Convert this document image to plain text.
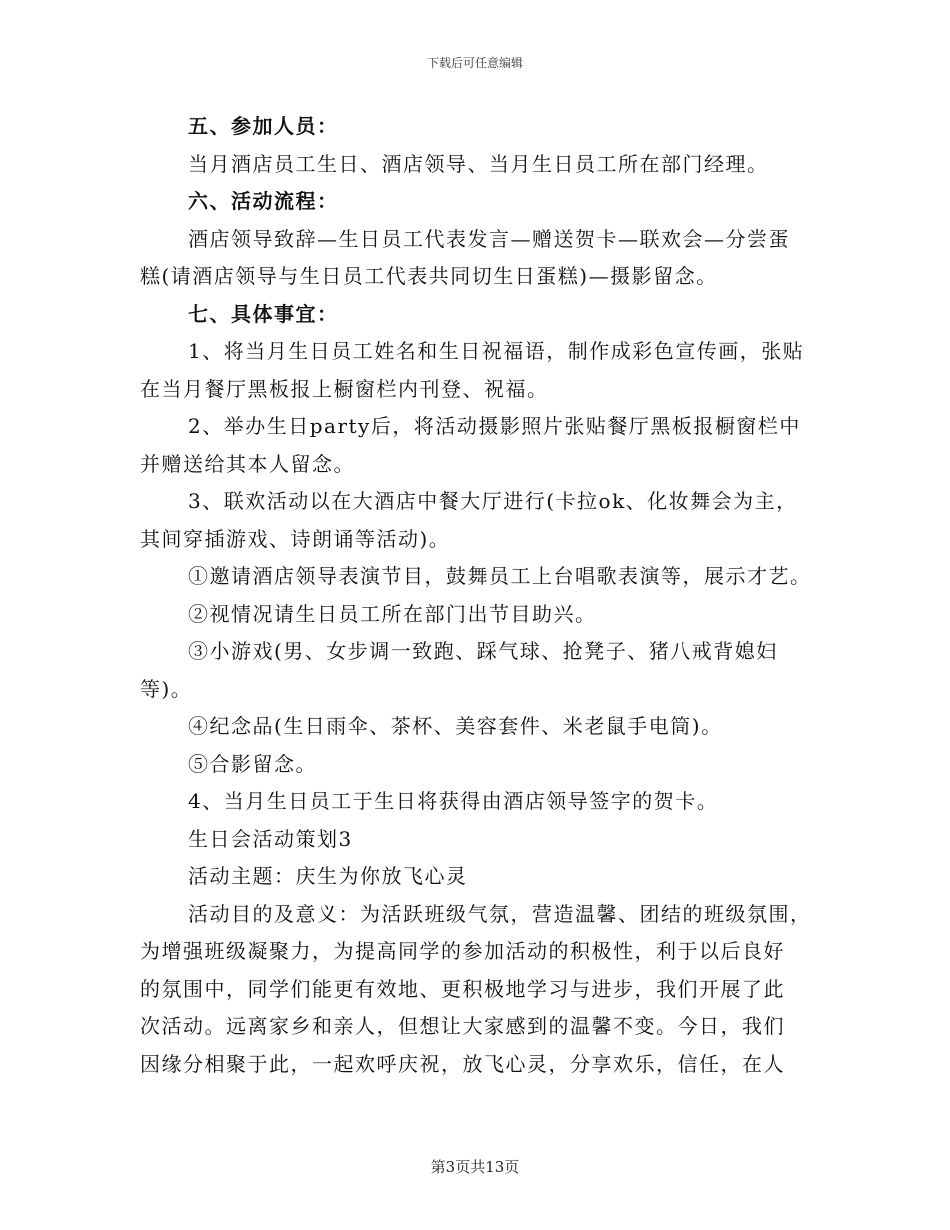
下载后可任意编辑
五、参加人员：
当月酒店员工生日、酒店领导、当月生日员工所在部门经理。
六、活动流程：
酒店领导致辞—生日员工代表发言—赠送贺卡—联欢会—分尝蛋
糕(请酒店领导与生日员工代表共同切生日蛋糕)—摄影留念。
七、具体事宜：
1、将当月生日员工姓名和生日祝福语，制作成彩色宣传画，张贴
在当月餐厅黑板报上橱窗栏内刊登、祝福。
2、举办生日party后，将活动摄影照片张贴餐厅黑板报橱窗栏中
并赠送给其本人留念。
3、联欢活动以在大酒店中餐大厅进行(卡拉ok、化妆舞会为主，
其间穿插游戏、诗朗诵等活动)。
①邀请酒店领导表演节目，鼓舞员工上台唱歌表演等，展示才艺。
②视情况请生日员工所在部门出节目助兴。
③小游戏(男、女步调一致跑、踩气球、抢凳子、猪八戒背媳妇
等)。
④纪念品(生日雨伞、茶杯、美容套件、米老鼠手电筒)。
⑤合影留念。
4、当月生日员工于生日将获得由酒店领导签字的贺卡。
生日会活动策划3
活动主题：庆生为你放飞心灵
活动目的及意义：为活跃班级气氛，营造温馨、团结的班级氛围，
为增强班级凝聚力，为提高同学的参加活动的积极性，利于以后良好
的氛围中，同学们能更有效地、更积极地学习与进步，我们开展了此
次活动。远离家乡和亲人，但想让大家感到的温馨不变。今日，我们
因缘分相聚于此，一起欢呼庆祝，放飞心灵，分享欢乐，信任，在人
第3页共13页
